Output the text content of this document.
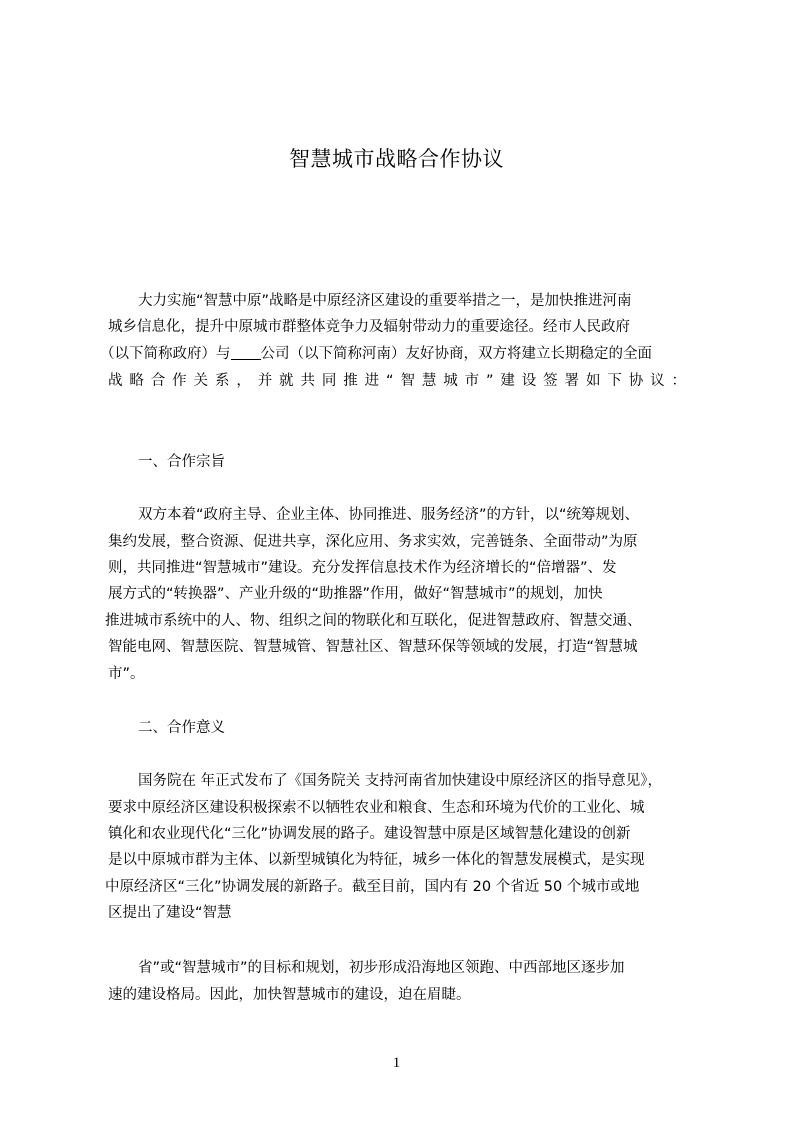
智慧城市战略合作协议
大力实施“智慧中原”战略是中原经济区建设的重要举措之一，是加快推进河南
城乡信息化，提升中原城市群整体竞争力及辐射带动力的重要途径。经市人民政府
（以下简称政府）与 公司（以下简称河南）友好协商，双方将建立长期稳定的全面
战略合作关系，并就共同推进“智慧城市”建设签署如下协议：
一、合作宗旨
双方本着“政府主导、企业主体、协同推进、服务经济”的方针，以“统筹规划、
集约发展，整合资源、促进共享，深化应用、务求实效，完善链条、全面带动”为原
则，共同推进“智慧城市”建设。充分发挥信息技术作为经济增长的“倍增器”、发
展方式的“转换器”、产业升级的“助推器”作用，做好“智慧城市”的规划，加快
推进城市系统中的人、物、组织之间的物联化和互联化，促进智慧政府、智慧交通、
智能电网、智慧医院、智慧城管、智慧社区、智慧环保等领域的发展，打造“智慧城
市”。
二、合作意义
国务院在 年正式发布了《国务院关 支持河南省加快建设中原经济区的指导意见》，
要求中原经济区建设积极探索不以牺牲农业和粮食、生态和环境为代价的工业化、城
镇化和农业现代化“三化”协调发展的路子。建设智慧中原是区域智慧化建设的创新
是以中原城市群为主体、以新型城镇化为特征，城乡一体化的智慧发展模式，是实现
中原经济区“三化”协调发展的新路子。截至目前，国内有 20 个省近 50 个城市或地
区提出了建设“智慧
省”或“智慧城市”的目标和规划，初步形成沿海地区领跑、中西部地区逐步加
速的建设格局。因此，加快智慧城市的建设，迫在眉睫。
1
